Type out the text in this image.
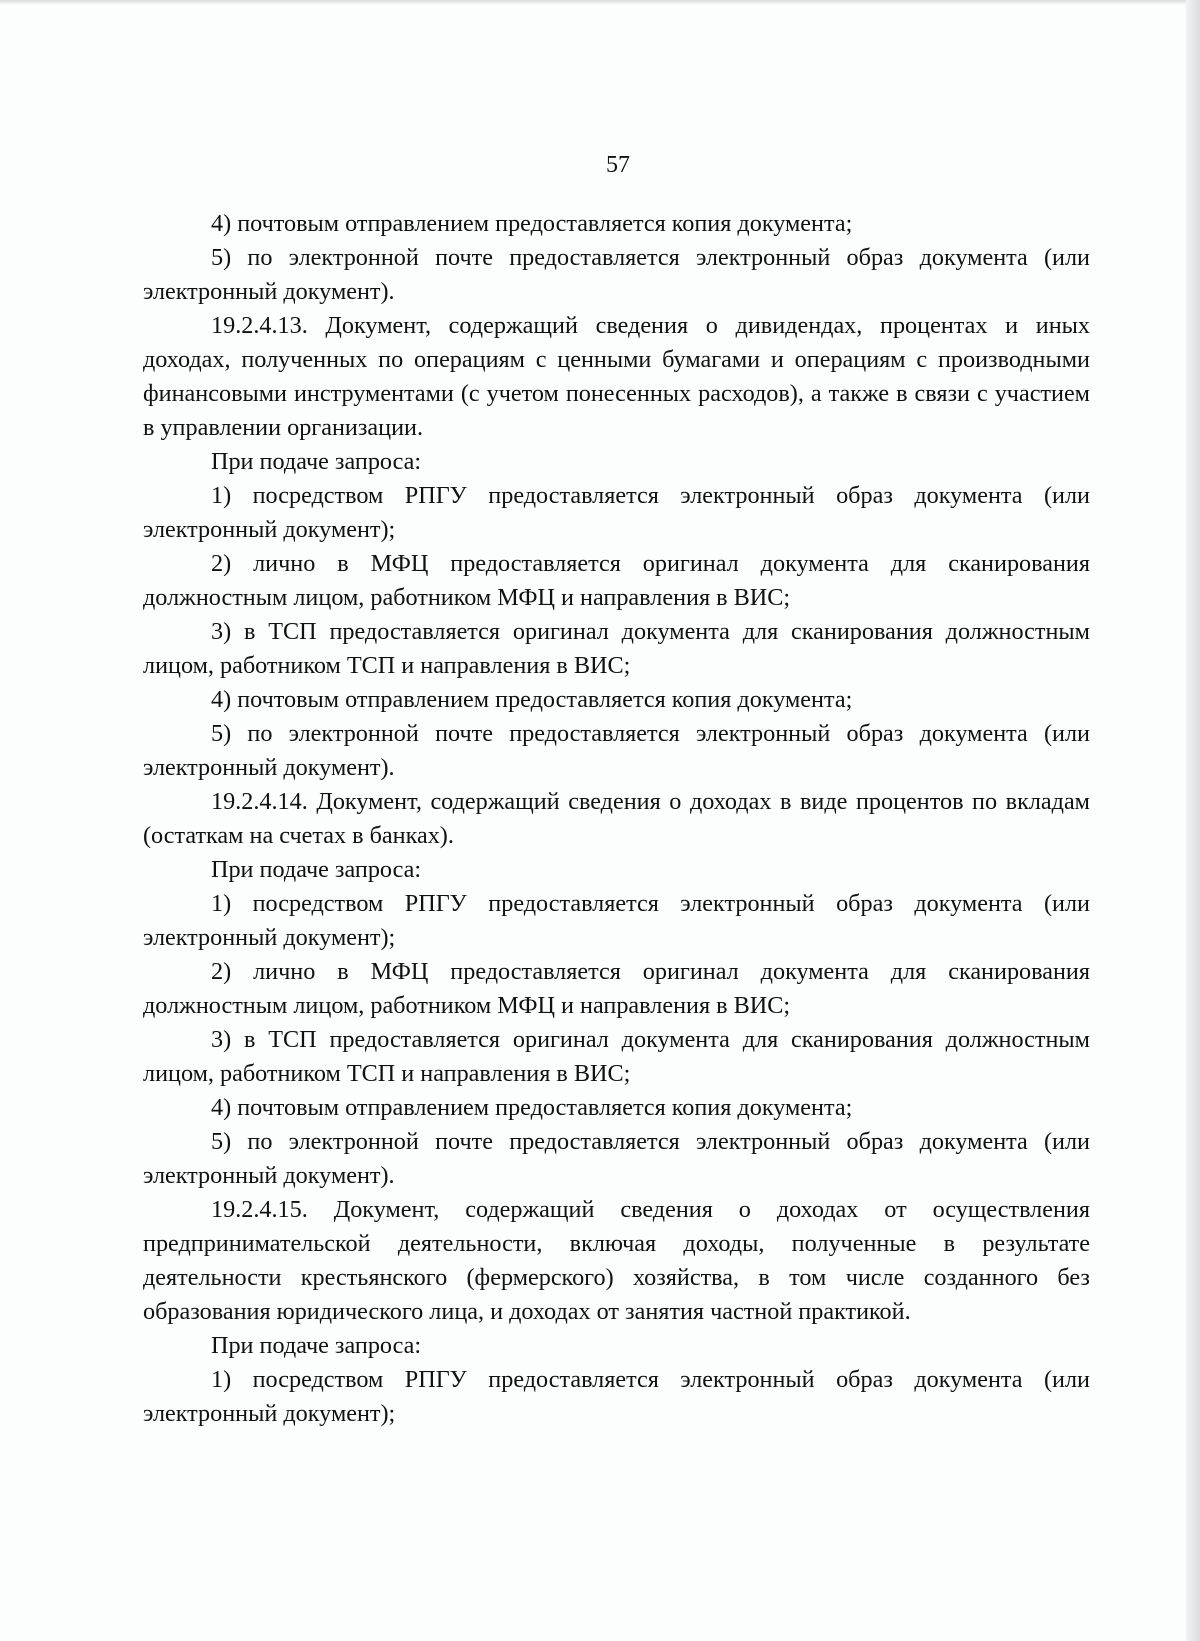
57

4) почтовым отправлением предоставляется копия документа;

5) по электронной почте предоставляется электронный образ документа (или электронный документ).

19.2.4.13. Документ, содержащий сведения о дивидендах, процентах и иных доходах, полученных по операциям с ценными бумагами и операциям с производными финансовыми инструментами (с учетом понесенных расходов), а также в связи с участием в управлении организации.

При подаче запроса:

1) посредством РПГУ предоставляется электронный образ документа (или электронный документ);

2) лично в МФЦ предоставляется оригинал документа для сканирования должностным лицом, работником МФЦ и направления в ВИС;

3) в ТСП предоставляется оригинал документа для сканирования должностным лицом, работником ТСП и направления в ВИС;

4) почтовым отправлением предоставляется копия документа;

5) по электронной почте предоставляется электронный образ документа (или электронный документ).

19.2.4.14. Документ, содержащий сведения о доходах в виде процентов по вкладам (остаткам на счетах в банках).

При подаче запроса:

1) посредством РПГУ предоставляется электронный образ документа (или электронный документ);

2) лично в МФЦ предоставляется оригинал документа для сканирования должностным лицом, работником МФЦ и направления в ВИС;

3) в ТСП предоставляется оригинал документа для сканирования должностным лицом, работником ТСП и направления в ВИС;

4) почтовым отправлением предоставляется копия документа;

5) по электронной почте предоставляется электронный образ документа (или электронный документ).

19.2.4.15. Документ, содержащий сведения о доходах от осуществления предпринимательской деятельности, включая доходы, полученные в результате деятельности крестьянского (фермерского) хозяйства, в том числе созданного без образования юридического лица, и доходах от занятия частной практикой.

При подаче запроса:

1) посредством РПГУ предоставляется электронный образ документа (или электронный документ);
